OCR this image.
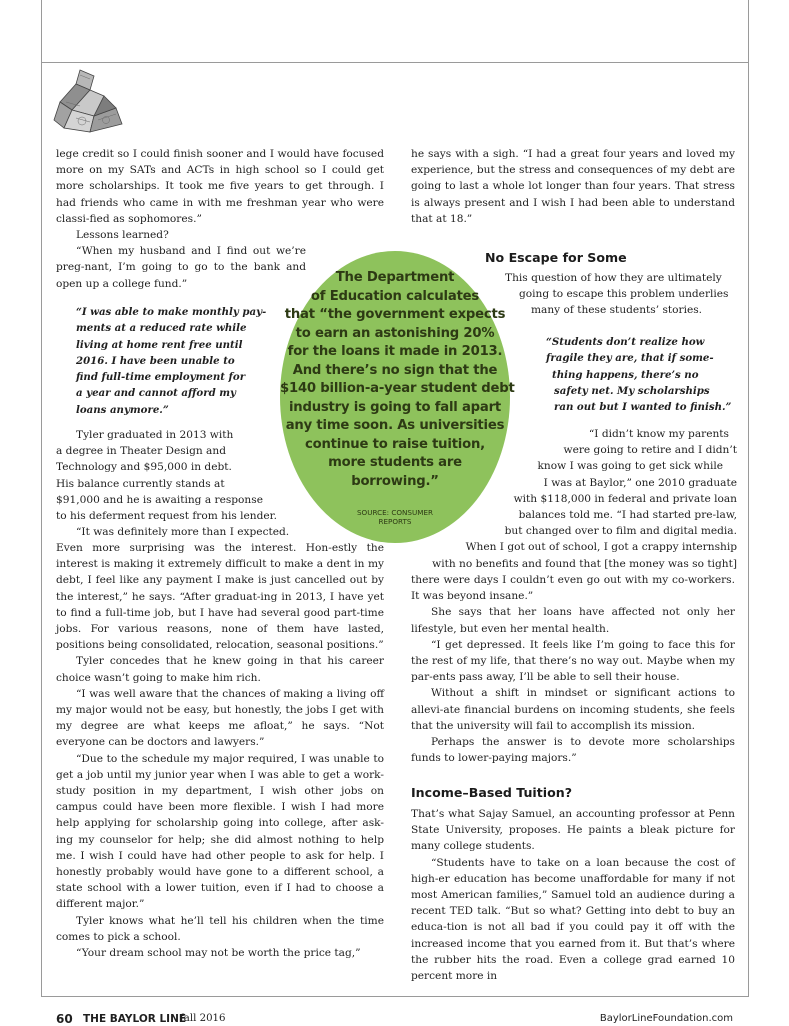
lege credit so I could finish sooner and I would have focused more on my SATs and ACTs in high school so I could get more scholarships. It took me five years to get through. I had friends who came in with me freshman year who were classi-fied as sophomores.”

Lessons learned?

“When my husband and I find out we’re preg-nant, I’m going to go to the bank and open up a college fund.”

“I was able to make monthly pay-
ments at a reduced rate while
living at home rent free until
2016. I have been unable to
find full-time employment for
a year and cannot afford my
loans anymore.”

Tyler graduated in 2013 with

a degree in Theater Design and

Technology and $95,000 in debt.

His balance currently stands at

$91,000 and he is awaiting a response

to his deferment request from his lender.

“It was definitely more than I expected.

Even more surprising was the interest. Hon-estly the interest is making it extremely difficult to make a dent in my debt, I feel like any payment I make is just cancelled out by the interest,” he says. “After graduat-ing in 2013, I have yet to find a full-time job, but I have had several good part-time jobs. For various reasons, none of them have lasted, positions being consolidated, relocation, seasonal positions.”

Tyler concedes that he knew going in that his career choice wasn’t going to make him rich.

“I was well aware that the chances of making a living off my major would not be easy, but honestly, the jobs I get with my degree are what keeps me afloat,” he says. “Not everyone can be doctors and lawyers.”

“Due to the schedule my major required, I was unable to get a job until my junior year when I was able to get a work-study position in my department, I wish other jobs on campus could have been more flexible. I wish I had more help applying for scholarship going into college, after ask-ing my counselor for help; she did almost nothing to help me. I wish I could have had other people to ask for help. I honestly probably would have gone to a different school, a state school with a lower tuition, even if I had to choose a different major.”

Tyler knows what he’ll tell his children when the time comes to pick a school.

“Your dream school may not be worth the price tag,”

he says with a sigh. “I had a great four years and loved my experience, but the stress and consequences of my debt are going to last a whole lot longer than four years. That stress is always present and I wish I had been able to understand that at 18.”

No Escape for Some

This question of how they are ultimately

going to escape this problem underlies

many of these students’ stories.

“Students don’t realize how
fragile they are, that if some-
thing happens, there’s no
safety net. My scholarships
ran out but I wanted to finish.”

“I didn’t know my parents

were going to retire and I didn’t

know I was going to get sick while

I was at Baylor,” one 2010 graduate

with $118,000 in federal and private loan

balances told me. “I had started pre-law,

but changed over to film and digital media.

When I got out of school, I got a crappy internship

with no benefits and found that [the money was so tight]

there were days I couldn’t even go out with my co-workers. It was beyond insane.”

She says that her loans have affected not only her lifestyle, but even her mental health.

“I get depressed. It feels like I’m going to face this for the rest of my life, that there’s no way out. Maybe when my par-ents pass away, I’ll be able to sell their house.

Without a shift in mindset or significant actions to allevi-ate financial burdens on incoming students, she feels that the university will fail to accomplish its mission.

Perhaps the answer is to devote more scholarships funds to lower-paying majors.”

Income–Based Tuition?

That’s what Sajay Samuel, an accounting professor at Penn State University, proposes. He paints a bleak picture for many college students.

“Students have to take on a loan because the cost of high-er education has become unaffordable for many if not most American families,” Samuel told an audience during a recent TED talk. “But so what? Getting into debt to buy an educa-tion is not all bad if you could pay it off with the increased income that you earned from it. But that’s where the rubber hits the road. Even a college grad earned 10 percent more in

The Department
of Education calculates
that “the government expects
to earn an astonishing 20%
for the loans it made in 2013.
And there’s no sign that the
$140 billion-a-year student debt
industry is going to fall apart
any time soon. As universities
continue to raise tuition,
more students are
borrowing.”
SOURCE: CONSUMER
REPORTS
60 THE BAYLOR LINE
fall 2016	BaylorLineFoundation.com
